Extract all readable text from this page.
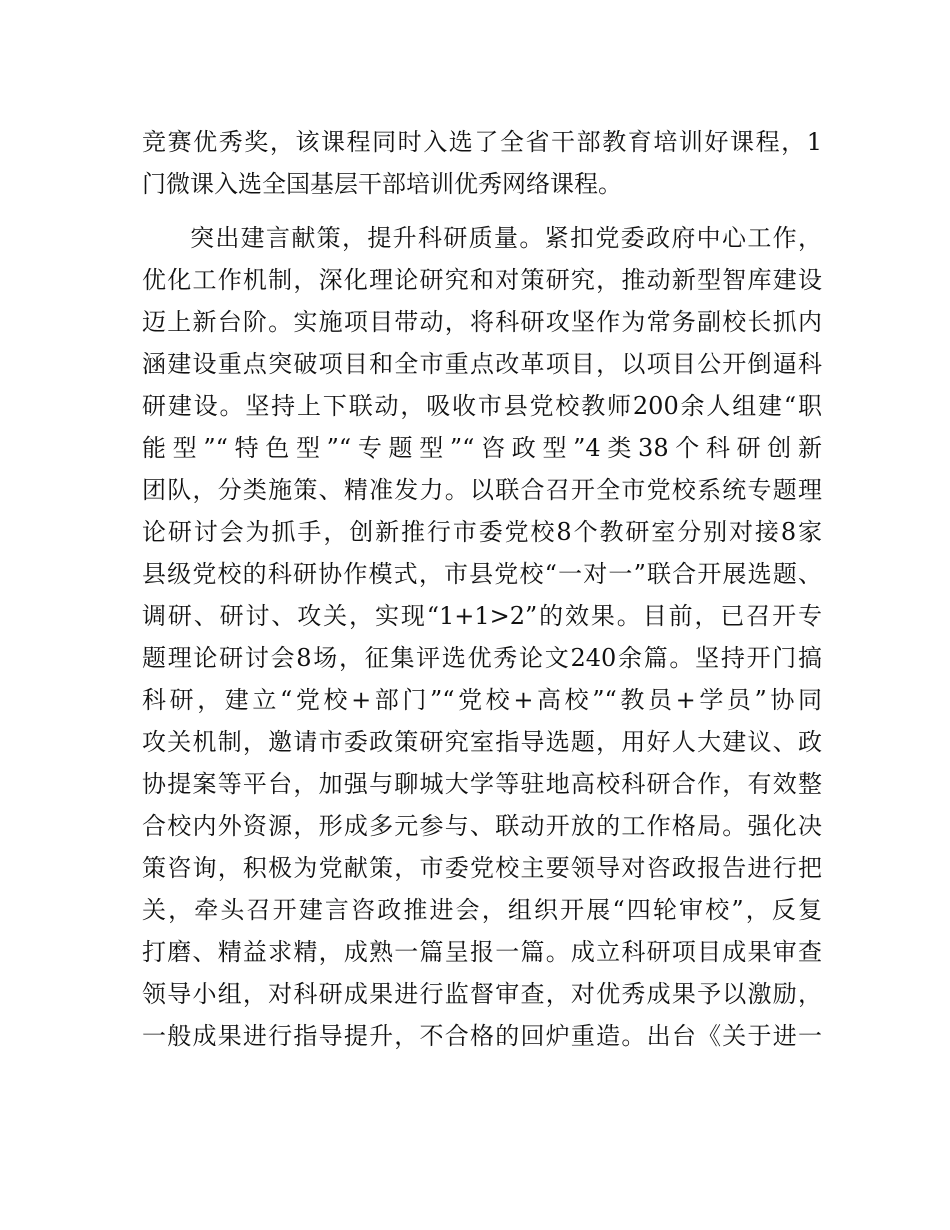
竞赛优秀奖，该课程同时入选了全省干部教育培训好课程，1
门微课入选全国基层干部培训优秀网络课程。
突出建言献策，提升科研质量。紧扣党委政府中心工作，
优化工作机制，深化理论研究和对策研究，推动新型智库建设
迈上新台阶。实施项目带动，将科研攻坚作为常务副校长抓内
涵建设重点突破项目和全市重点改革项目，以项目公开倒逼科
研建设。坚持上下联动，吸收市县党校教师200余人组建“职
能型”“特色型”“专题型”“咨政型”4类38个科研创新
团队，分类施策、精准发力。以联合召开全市党校系统专题理
论研讨会为抓手，创新推行市委党校8个教研室分别对接8家
县级党校的科研协作模式，市县党校“一对一”联合开展选题、
调研、研讨、攻关，实现“1+1>2”的效果。目前，已召开专
题理论研讨会8场，征集评选优秀论文240余篇。坚持开门搞
科研，建立“党校+部门”“党校+高校”“教员+学员”协同
攻关机制，邀请市委政策研究室指导选题，用好人大建议、政
协提案等平台，加强与聊城大学等驻地高校科研合作，有效整
合校内外资源，形成多元参与、联动开放的工作格局。强化决
策咨询，积极为党献策，市委党校主要领导对咨政报告进行把
关，牵头召开建言咨政推进会，组织开展“四轮审校”，反复
打磨、精益求精，成熟一篇呈报一篇。成立科研项目成果审查
领导小组，对科研成果进行监督审查，对优秀成果予以激励，
一般成果进行指导提升，不合格的回炉重造。出台《关于进一
